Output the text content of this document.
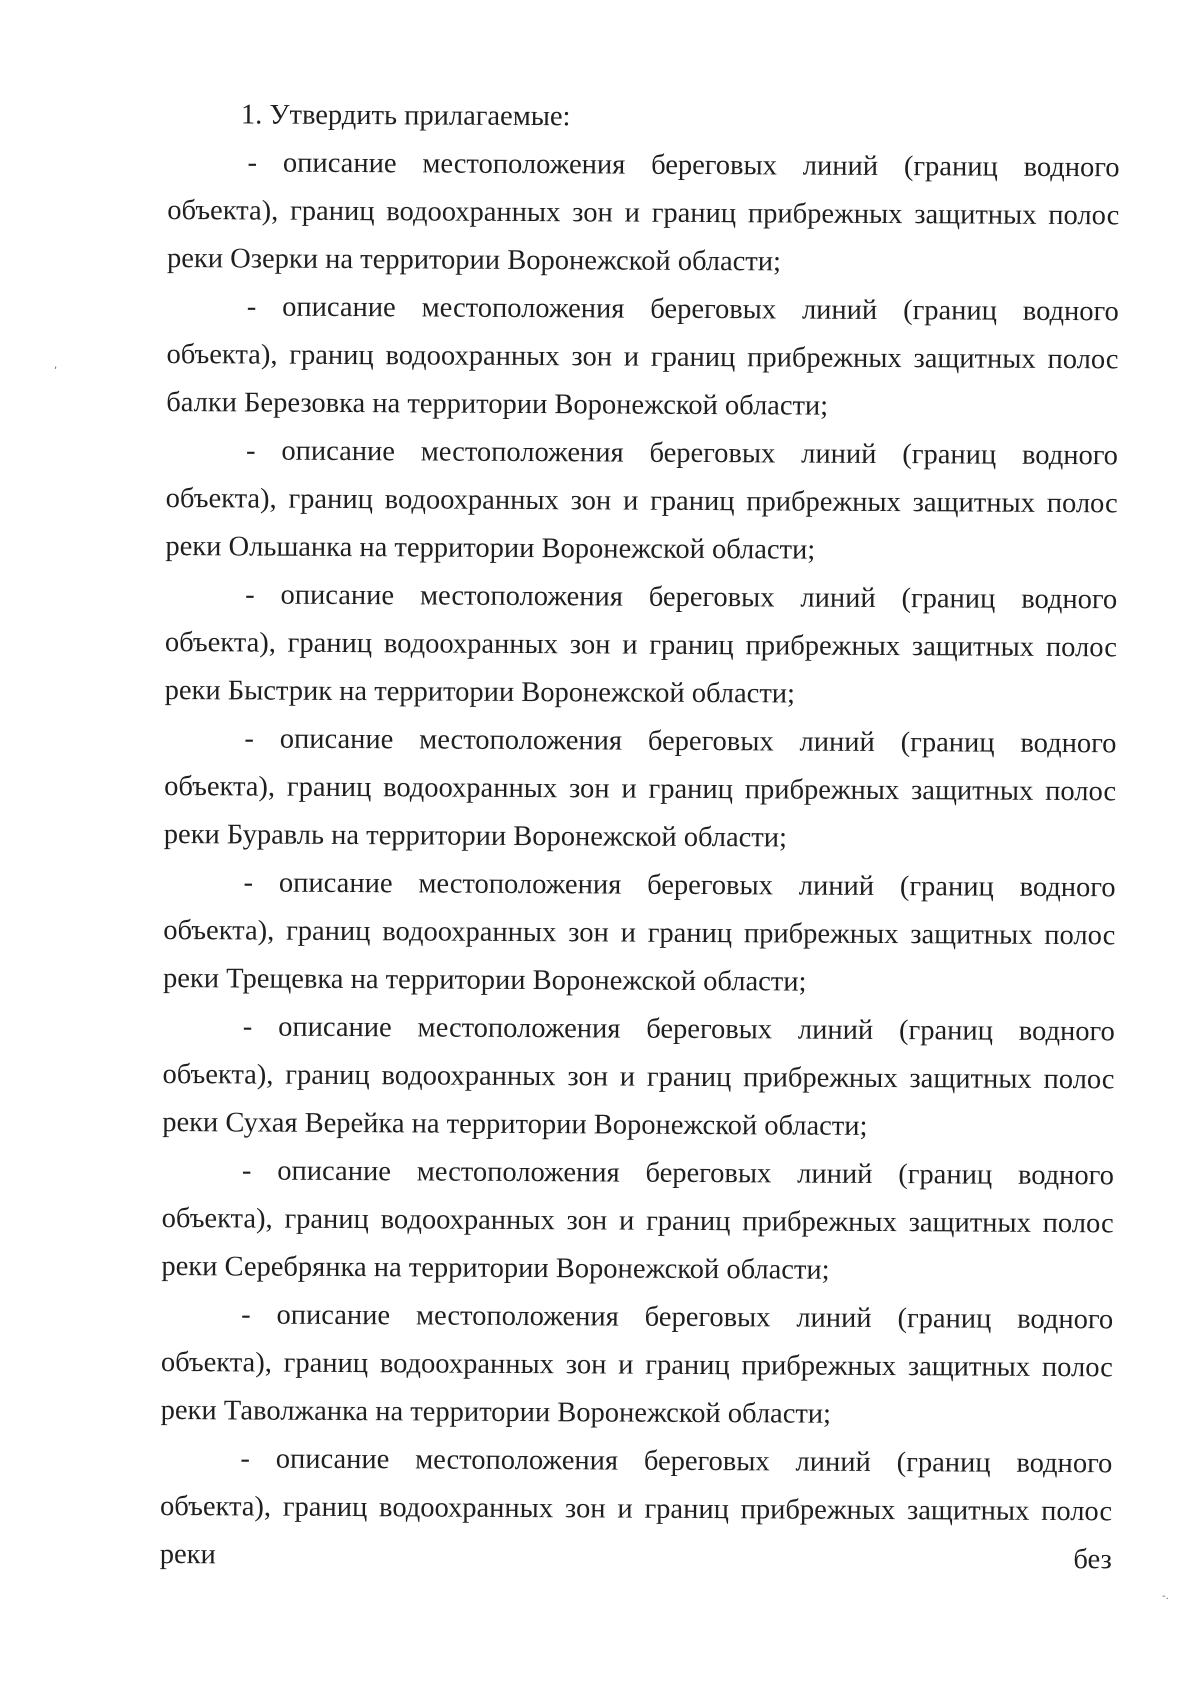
1. Утвердить прилагаемые:

- описание местоположения береговых линий (границ водного объекта), границ водоохранных зон и границ прибрежных защитных полос реки Озерки на территории Воронежской области;

- описание местоположения береговых линий (границ водного объекта), границ водоохранных зон и границ прибрежных защитных полос балки Березовка на территории Воронежской области;

- описание местоположения береговых линий (границ водного объекта), границ водоохранных зон и границ прибрежных защитных полос реки Ольшанка на территории Воронежской области;

- описание местоположения береговых линий (границ водного объекта), границ водоохранных зон и границ прибрежных защитных полос реки Быстрик на территории Воронежской области;

- описание местоположения береговых линий (границ водного объекта), границ водоохранных зон и границ прибрежных защитных полос реки Буравль на территории Воронежской области;

- описание местоположения береговых линий (границ водного объекта), границ водоохранных зон и границ прибрежных защитных полос реки Трещевка на территории Воронежской области;

- описание местоположения береговых линий (границ водного объекта), границ водоохранных зон и границ прибрежных защитных полос реки Сухая Верейка на территории Воронежской области;

- описание местоположения береговых линий (границ водного объекта), границ водоохранных зон и границ прибрежных защитных полос реки Серебрянка на территории Воронежской области;

- описание местоположения береговых линий (границ водного объекта), границ водоохранных зон и границ прибрежных защитных полос реки Таволжанка на территории Воронежской области;

- описание местоположения береговых линий (границ водного объекта), границ водоохранных зон и границ прибрежных защитных полос реки без

,
-.
